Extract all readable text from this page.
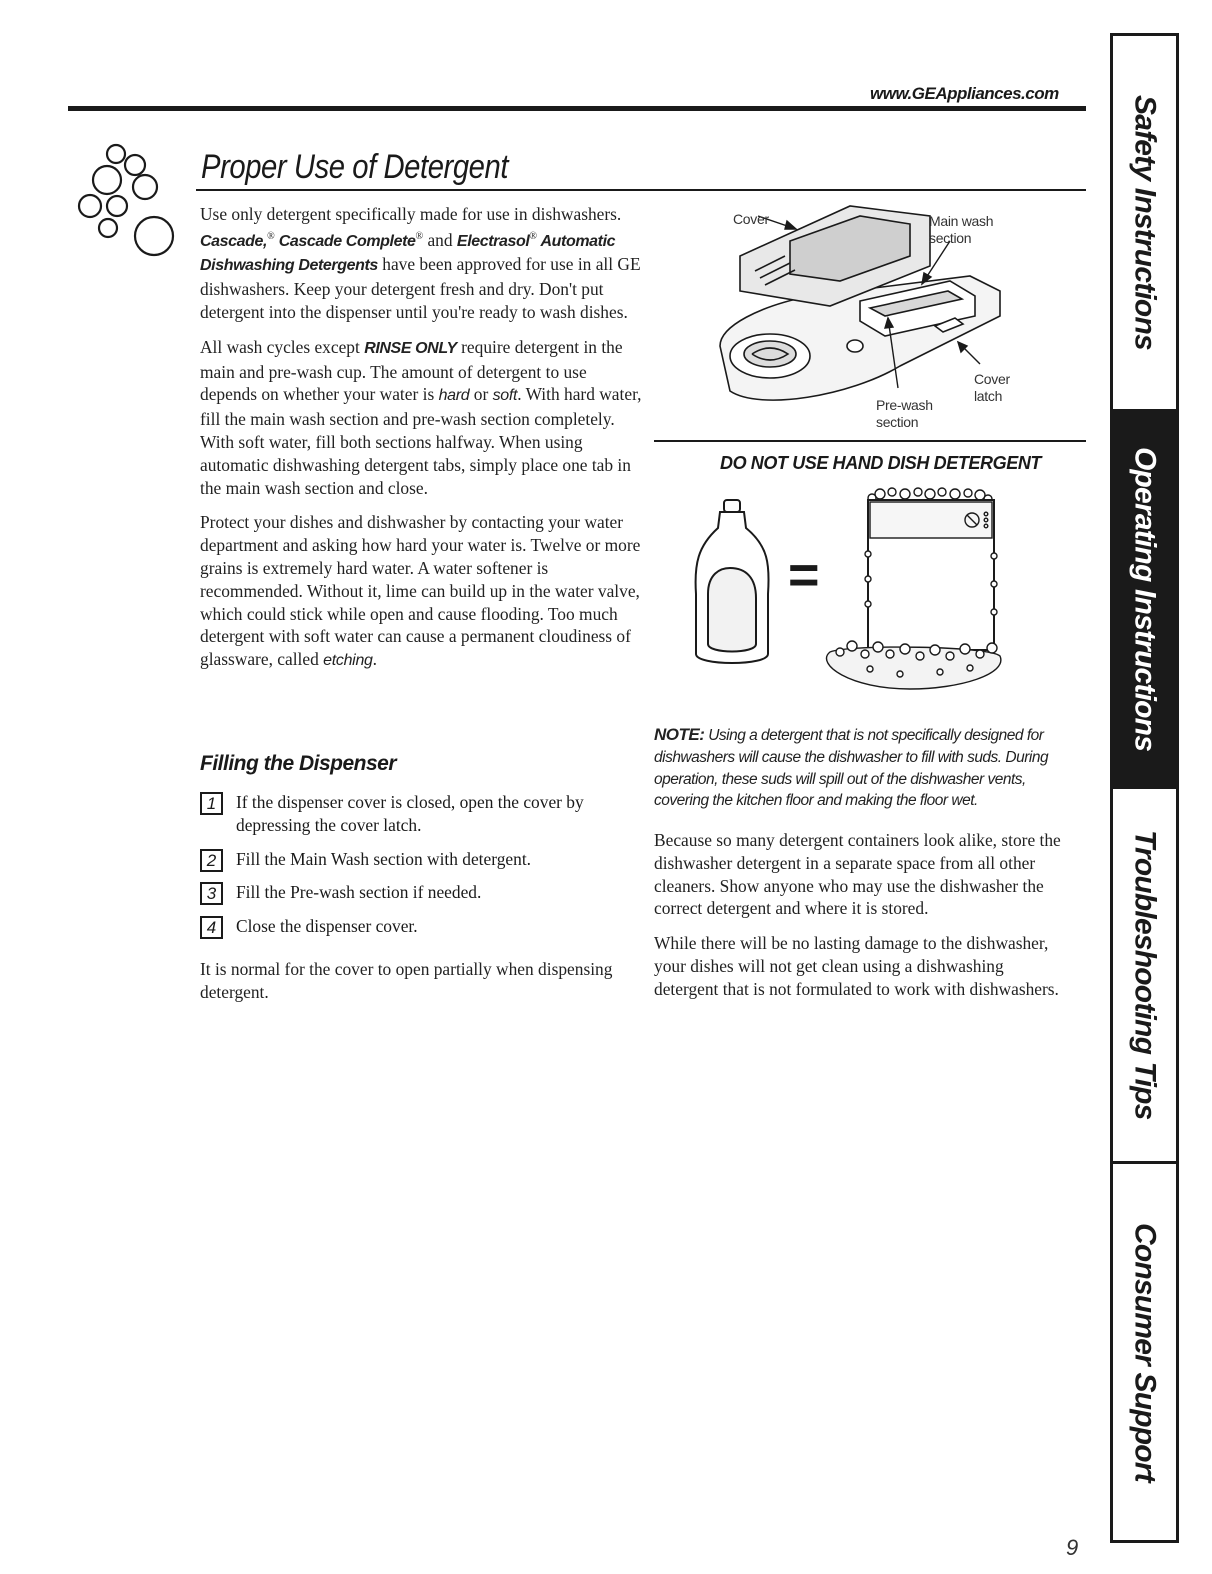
www.GEAppliances.com
Proper Use of Detergent

Use only detergent specifically made for use in dishwashers. Cascade,® Cascade Complete® and Electrasol® Automatic Dishwashing Detergents have been approved for use in all GE dishwashers. Keep your detergent fresh and dry. Don't put detergent into the dispenser until you're ready to wash dishes.

All wash cycles except RINSE ONLY require detergent in the main and pre-wash cup. The amount of detergent to use depends on whether your water is hard or soft. With hard water, fill the main wash section and pre-wash section completely. With soft water, fill both sections halfway. When using automatic dishwashing detergent tabs, simply place one tab in the main wash section and close.

Protect your dishes and dishwasher by contacting your water department and asking how hard your water is. Twelve or more grains is extremely hard water. A water softener is recommended. Without it, lime can build up in the water valve, which could stick while open and cause flooding. Too much detergent with soft water can cause a permanent cloudiness of glassware, called etching.

Filling the Dispenser
1	If the dispenser cover is closed, open the cover by depressing the cover latch.
2	Fill the Main Wash section with detergent.
3	Fill the Pre-wash section if needed.
4	Close the dispenser cover.
It is normal for the cover to open partially when dispensing detergent.
Cover	Main wash
section
Cover
latch
Pre-wash
section
DO NOT USE HAND DISH DETERGENT
=
NOTE: Using a detergent that is not specifically designed for dishwashers will cause the dishwasher to fill with suds. During operation, these suds will spill out of the dishwasher vents, covering the kitchen floor and making the floor wet.

Because so many detergent containers look alike, store the dishwasher detergent in a separate space from all other cleaners. Show anyone who may use the dishwasher the correct detergent and where it is stored.

While there will be no lasting damage to the dishwasher, your dishes will not get clean using a dishwashing detergent that is not formulated to work with dishwashers.

9
Safety Instructions
Operating Instructions
Troubleshooting Tips
Consumer Support
